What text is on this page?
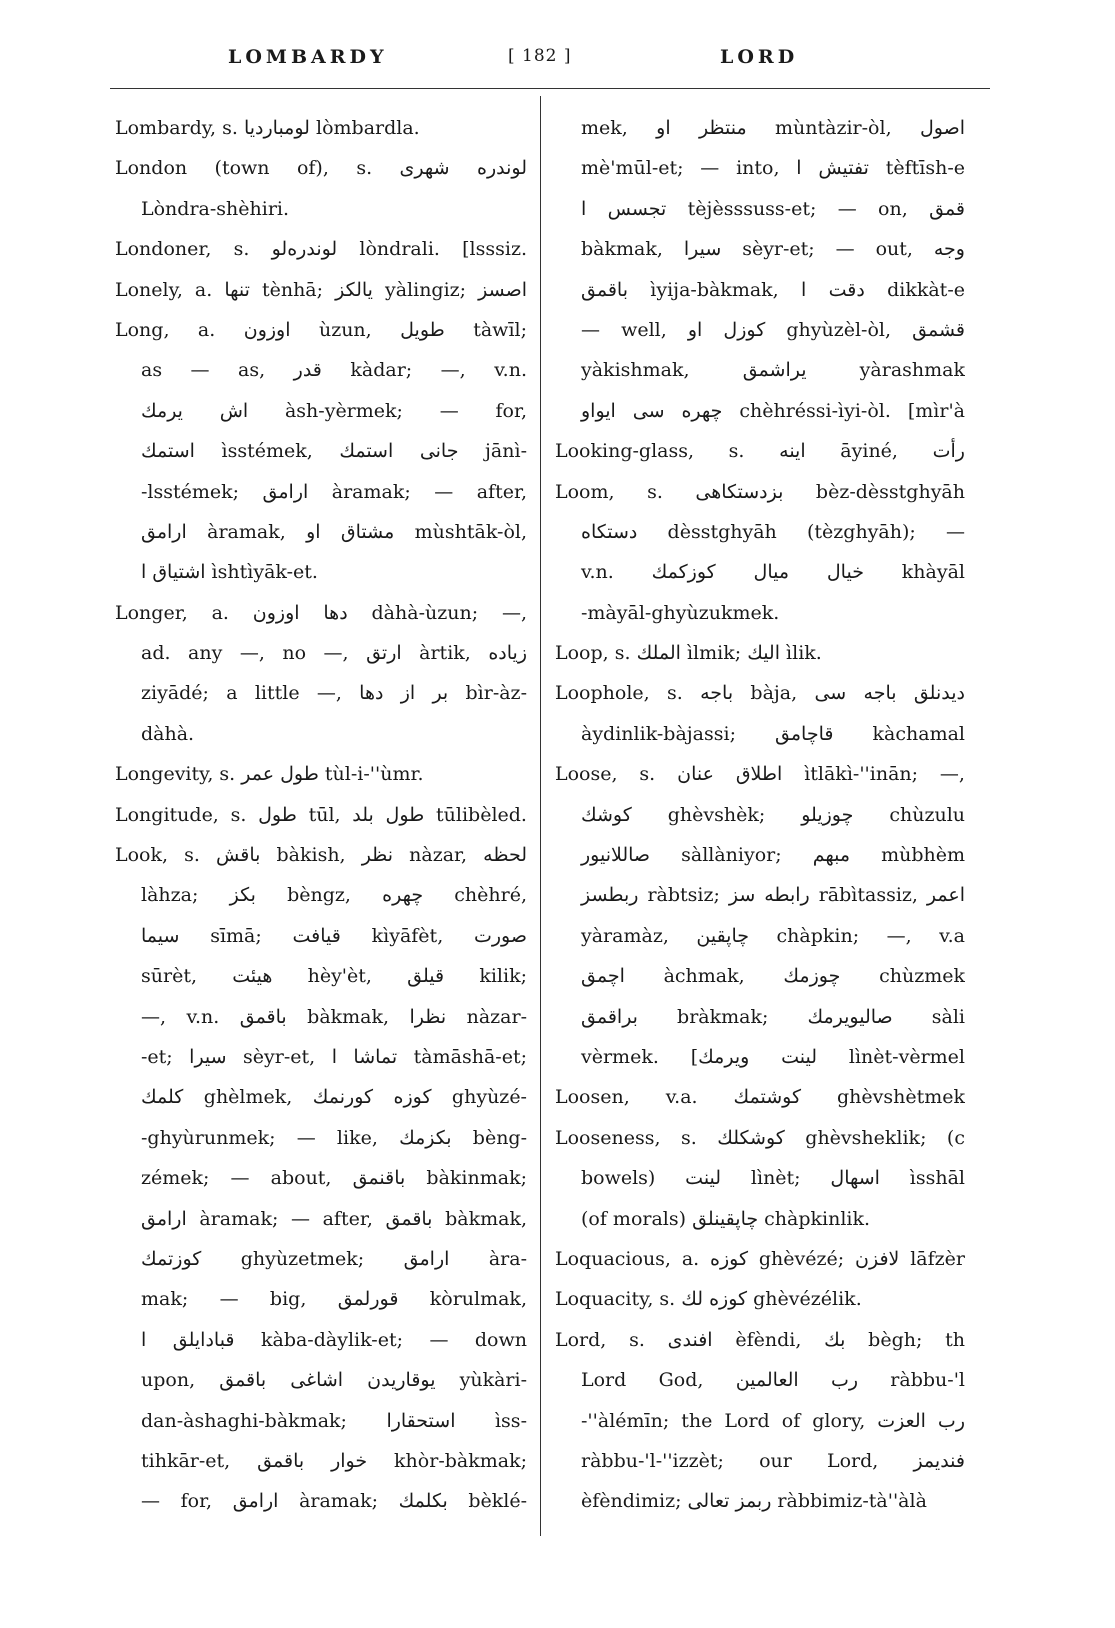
LOMBARDY	[ 182 ]	LORD
Lombardy, s. لومبارديا lòmbardla.
London (town of), s. لوندره شهرى
Lòndra-shèhiri.
Londoner, s. لوندرەلو lòndrali. [lsssiz.
Lonely, a. تنها tènhā; يالكز yàlingiz; اصسز
Long, a. اوزون ùzun, طويل tàwīl;
as — as, قدر kàdar; —, v.n.
اش يرمك àsh-yèrmek; — for,
استمك ìsstémek, جانی استمك jānì-
-lsstémek; ارامق àramak; — after,
ارامق àramak, مشتاق او mùshtāk-òl,
اشتياق ا ìshtìyāk-et.
Longer, a. دها اوزون dàhà-ùzun; —,
ad. any —, no —, ارتق àrtik, زياده
ziyādé; a little —, بر از دها bìr-àz-
dàhà.
Longevity, s. طول عمر tùl-i-''ùmr.
Longitude, s. طول tūl, طول بلد tūlibèled.
Look, s. باقش bàkish, نظر nàzar, لحظه
làhza; بكز bèngz, چهره chèhré,
سيما sīmā; قيافت kìyāfèt, صورت
sūrèt, هيئت hèy'èt, قيلق kilik;
—, v.n. باقمق bàkmak, نظرا nàzar-
-et; سيرا sèyr-et, تماشا ا tàmāshā-et;
كلمك ghèlmek, كوزه كورنمك ghyùzé-
-ghyùrunmek; — like, بكزمك bèng-
zémek; — about, باقنمق bàkinmak;
ارامق àramak; — after, باقمق bàkmak,
كوزتمك ghyùzetmek; ارامق àra-
mak; — big, قورلمق kòrulmak,
قبادايلق ا kàba-dàylik-et; — down
upon, يوقاريدن اشاغى باقمق yùkàri-
dan-àshaghi-bàkmak; استحقارا ìss-
tihkār-et, خوار باقمق khòr-bàkmak;
— for, ارامق àramak; بكلمك bèklé-
mek, منتظر او mùntàzir-òl, اصول
mè'mūl-et; — into, تفتيش ا tèftīsh-e
تجسس ا tèjèsssuss-et; — on, قمق
bàkmak, سيرا sèyr-et; — out, وجه
باقمق ìyija-bàkmak, دقت ا dikkàt-e
— well, كوزل او ghyùzèl-òl, قشمق
yàkishmak, يراشمق yàrashmak
چهره سى ايواو chèhréssi-ìyi-òl. [mìr'à
Looking-glass, s. اينه āyiné, رأت
Loom, s. بزدستكاهى bèz-dèsstghyāh
دستكاه dèsstghyāh (tèzghyāh); —
v.n. خيال ميال كوزكمك khàyāl
-màyāl-ghyùzukmek.
Loop, s. الملك ìlmik; اليك ìlik.
Loophole, s. باجه bàja, ديدنلق باجه سى
àydinlik-bàjassi; قاچامق kàchamal
Loose, s. اطلاق عنان ìtlākì-''inān; —,
كوشك ghèvshèk; چوزيلو chùzulu
صاللانيور sàllàniyor; مبهم mùbhèm
ربطسز ràbtsiz; رابطه سز rābìtassiz, اعمر
yàramàz, چاپقين chàpkin; —, v.a
اچمق àchmak, چوزمك chùzmek
براقمق bràkmak; صاليويرمك sàli
vèrmek. [لينت ويرمك lìnèt-vèrmel
Loosen, v.a. كوشتمك ghèvshètmek
Looseness, s. كوشكلك ghèvsheklik; (c
bowels) لينت lìnèt; اسهال ìsshāl
(of morals) چاپقينلق chàpkinlik.
Loquacious, a. كوزه ghèvézé; لافزن lāfzèr
Loquacity, s. كوزه لك ghèvézélik.
Lord, s. افندى èfèndi, بك bègh; th
Lord God, رب العالمين ràbbu-'l
-''àlémīn; the Lord of glory, رب العزت
ràbbu-'l-''izzèt; our Lord, فنديمز
èfèndimiz; ربمز تعالى ràbbimiz-tà''àlà
